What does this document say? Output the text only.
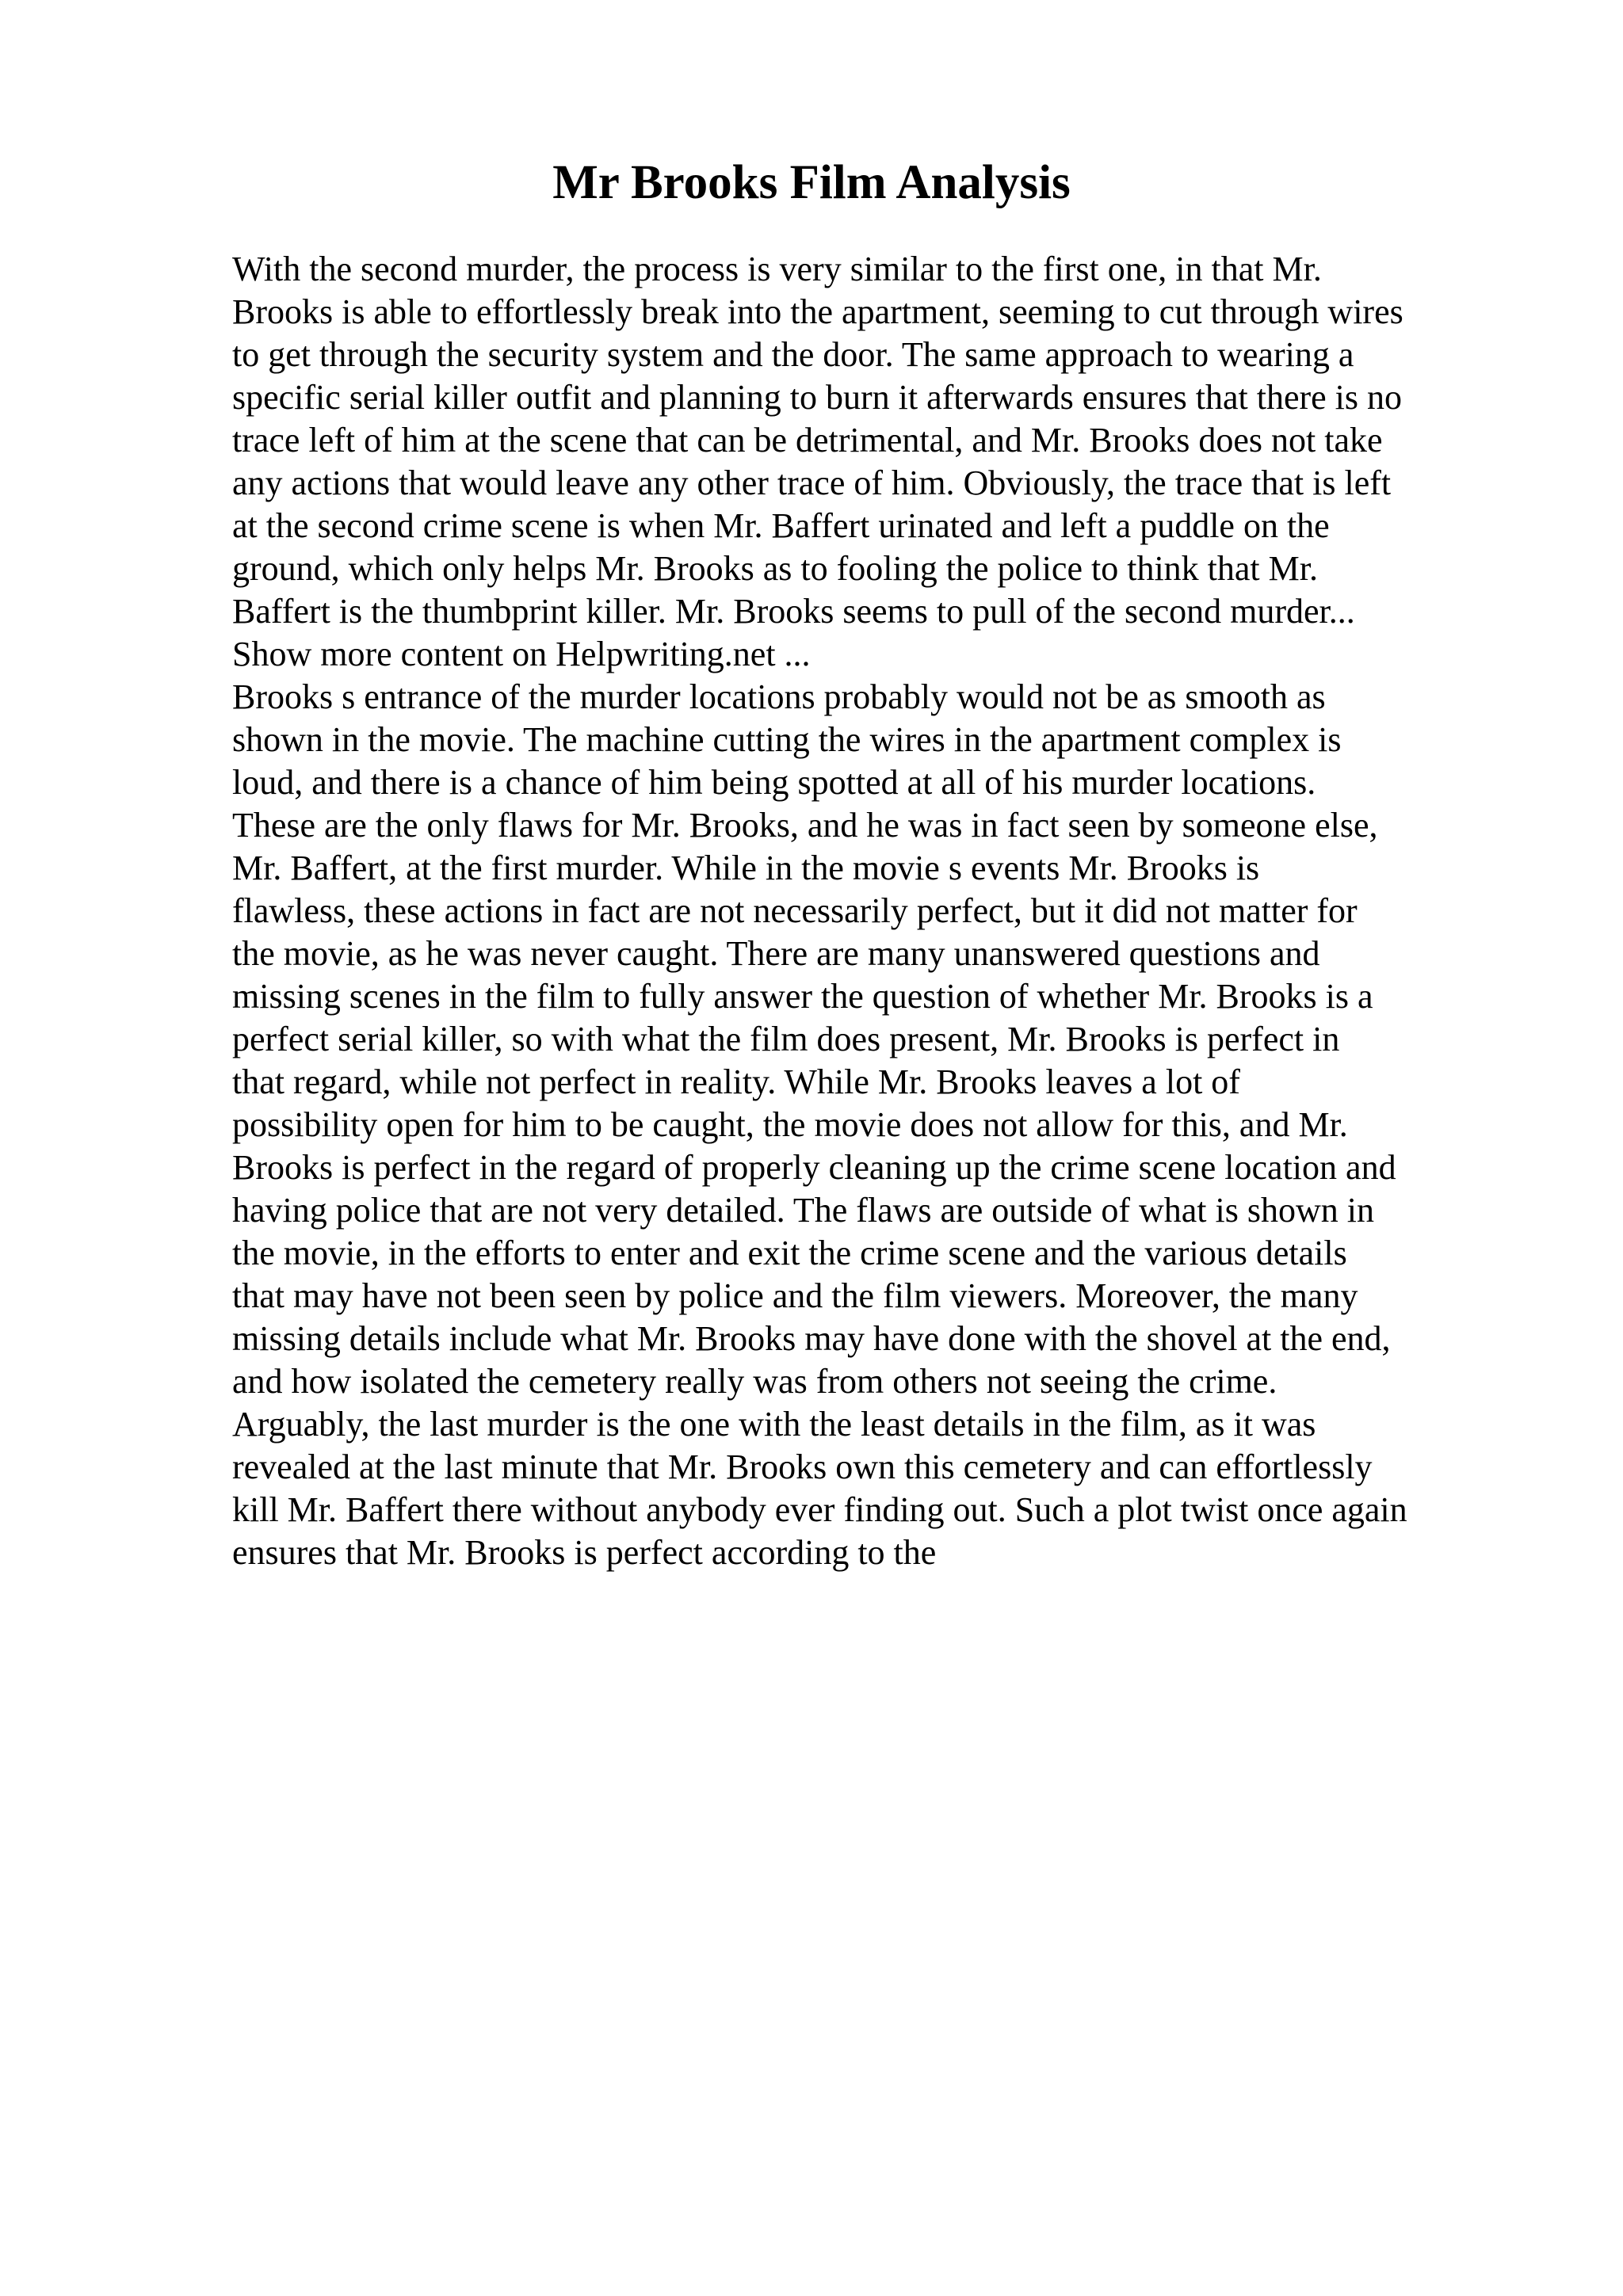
Mr Brooks Film Analysis
With the second murder, the process is very similar to the first one, in that Mr.
Brooks is able to effortlessly break into the apartment, seeming to cut through wires
to get through the security system and the door. The same approach to wearing a
specific serial killer outfit and planning to burn it afterwards ensures that there is no
trace left of him at the scene that can be detrimental, and Mr. Brooks does not take
any actions that would leave any other trace of him. Obviously, the trace that is left
at the second crime scene is when Mr. Baffert urinated and left a puddle on the
ground, which only helps Mr. Brooks as to fooling the police to think that Mr.
Baffert is the thumbprint killer. Mr. Brooks seems to pull of the second murder...
Show more content on Helpwriting.net ...
Brooks s entrance of the murder locations probably would not be as smooth as
shown in the movie. The machine cutting the wires in the apartment complex is
loud, and there is a chance of him being spotted at all of his murder locations.
These are the only flaws for Mr. Brooks, and he was in fact seen by someone else,
Mr. Baffert, at the first murder. While in the movie s events Mr. Brooks is
flawless, these actions in fact are not necessarily perfect, but it did not matter for
the movie, as he was never caught. There are many unanswered questions and
missing scenes in the film to fully answer the question of whether Mr. Brooks is a
perfect serial killer, so with what the film does present, Mr. Brooks is perfect in
that regard, while not perfect in reality. While Mr. Brooks leaves a lot of
possibility open for him to be caught, the movie does not allow for this, and Mr.
Brooks is perfect in the regard of properly cleaning up the crime scene location and
having police that are not very detailed. The flaws are outside of what is shown in
the movie, in the efforts to enter and exit the crime scene and the various details
that may have not been seen by police and the film viewers. Moreover, the many
missing details include what Mr. Brooks may have done with the shovel at the end,
and how isolated the cemetery really was from others not seeing the crime.
Arguably, the last murder is the one with the least details in the film, as it was
revealed at the last minute that Mr. Brooks own this cemetery and can effortlessly
kill Mr. Baffert there without anybody ever finding out. Such a plot twist once again
ensures that Mr. Brooks is perfect according to the
